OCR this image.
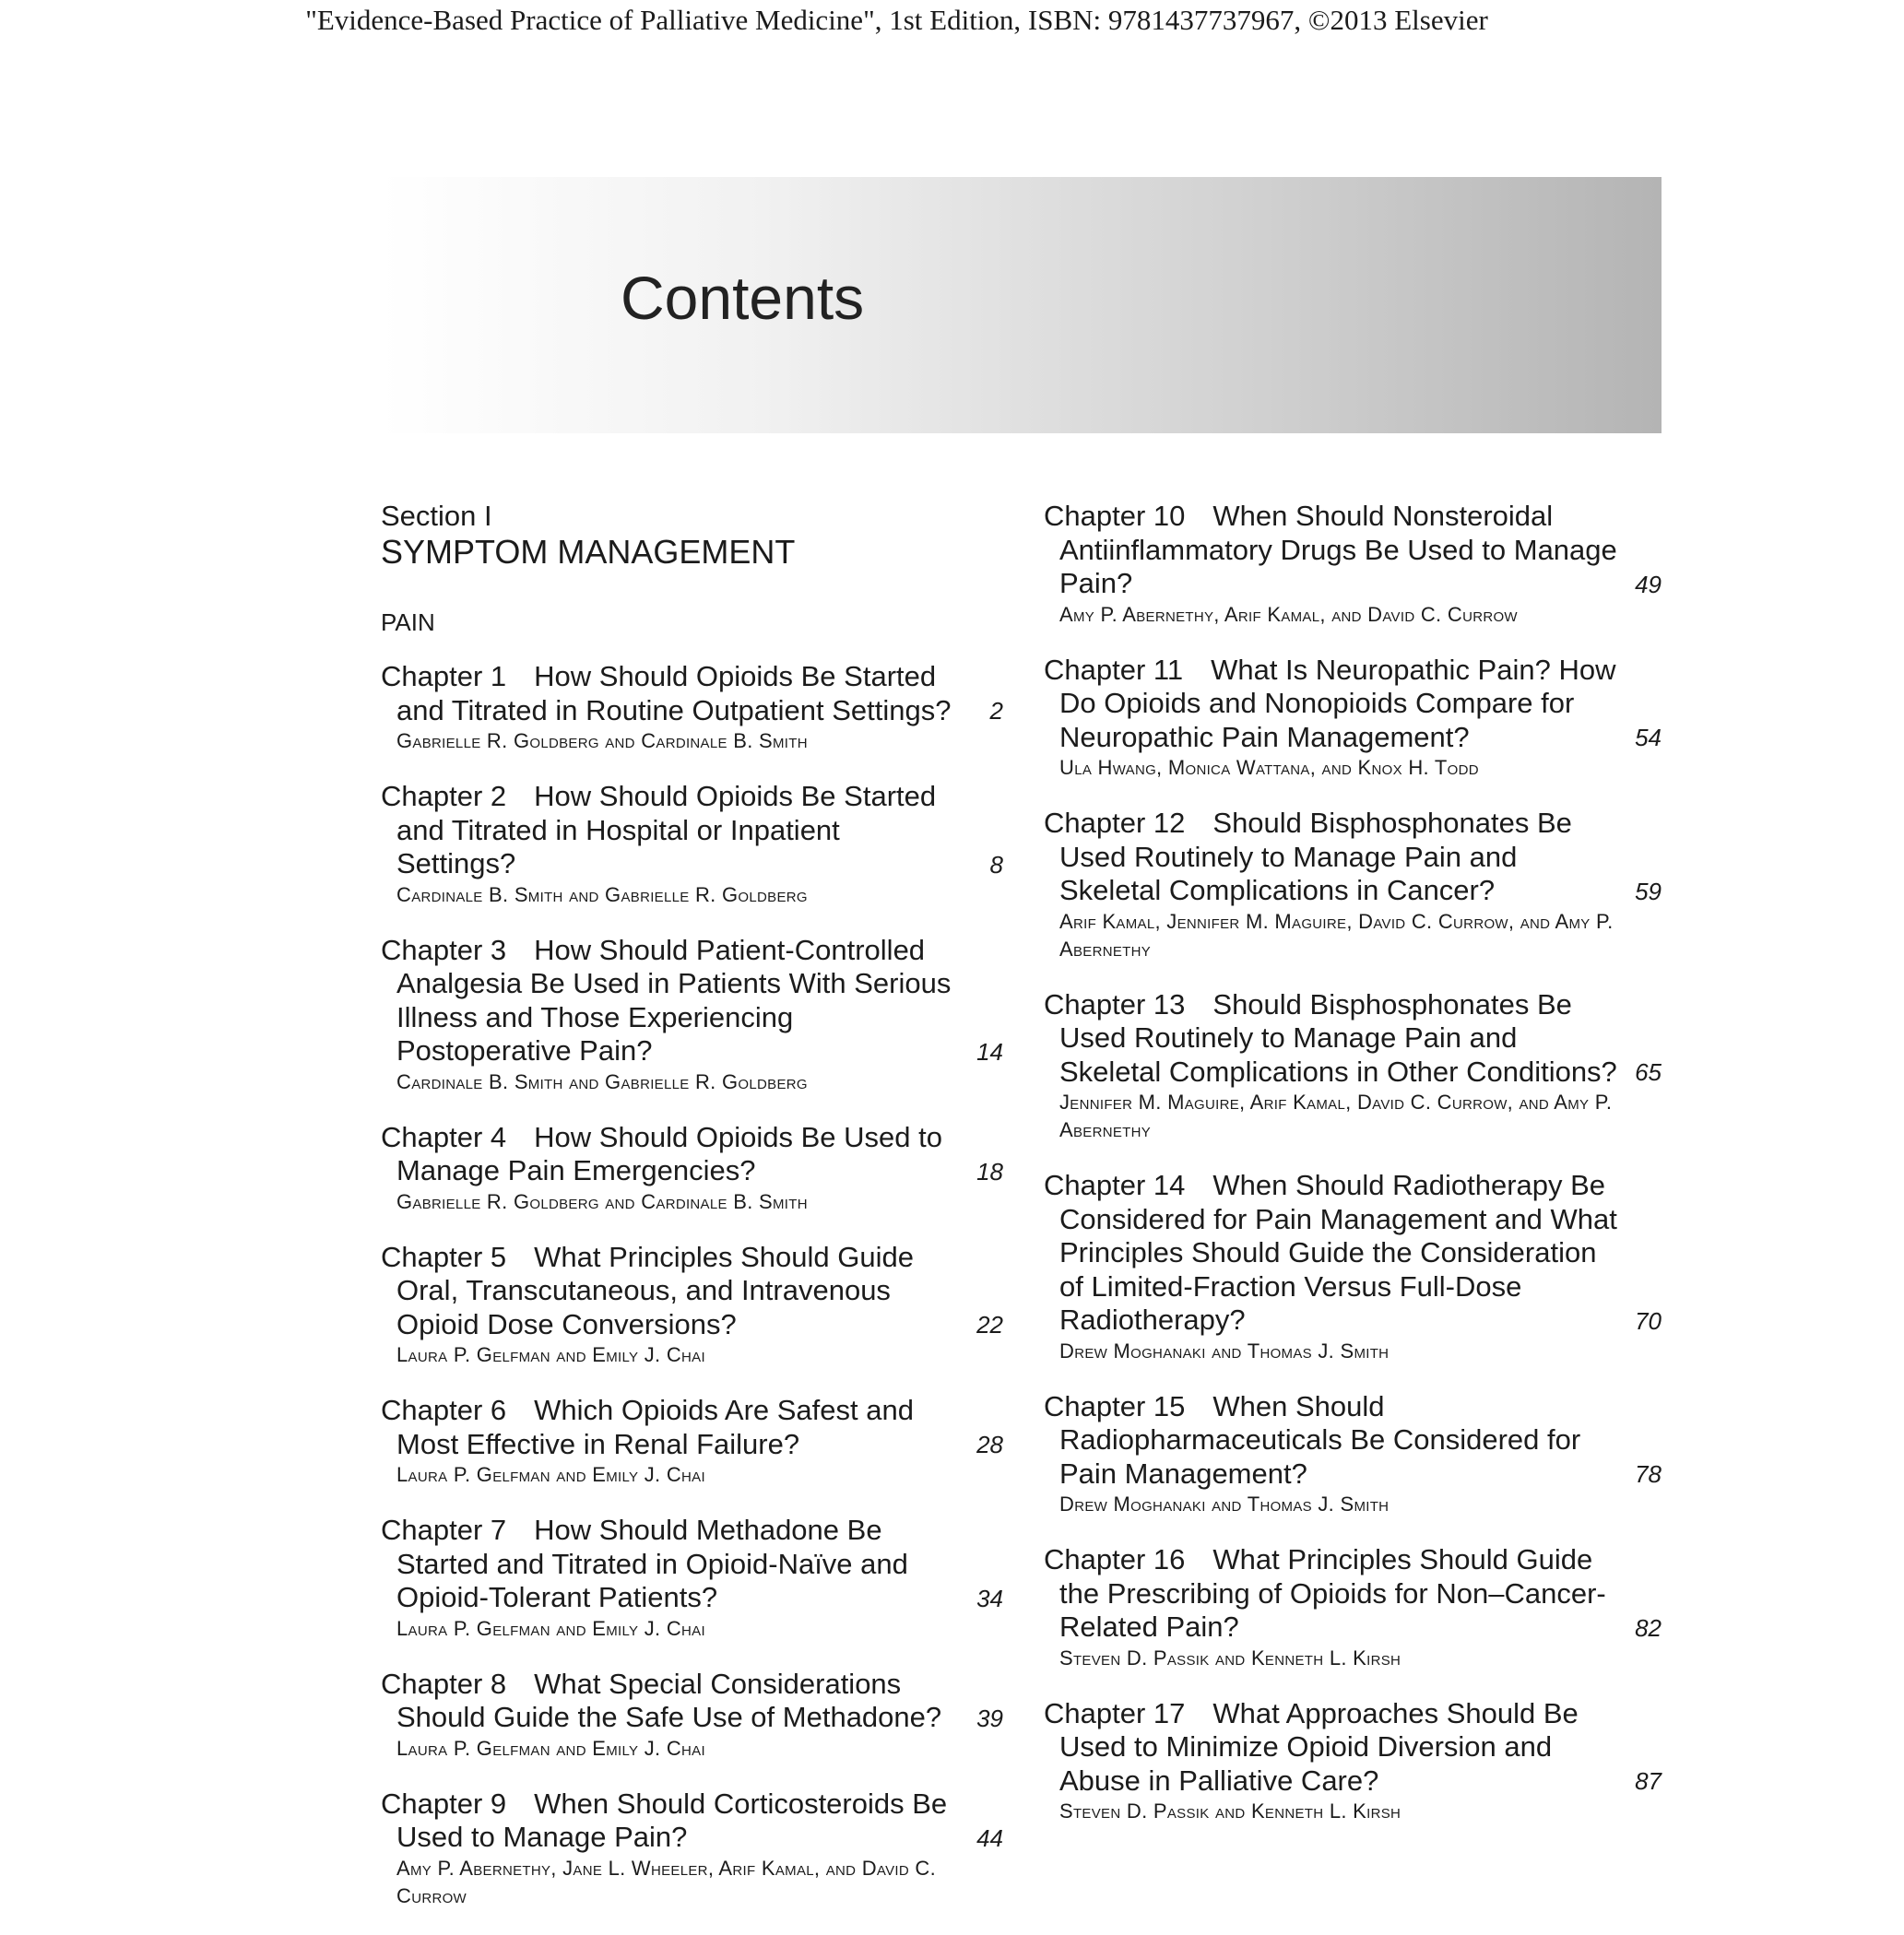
"Evidence-Based Practice of Palliative Medicine", 1st Edition, ISBN: 9781437737967, ©2013 Elsevier
Contents
Section I
SYMPTOM MANAGEMENT
PAIN
Chapter 1 How Should Opioids Be Started and Titrated in Routine Outpatient Settings?	2
Gabrielle R. Goldberg and Cardinale B. Smith
Chapter 2 How Should Opioids Be Started and Titrated in Hospital or Inpatient Settings?	8
Cardinale B. Smith and Gabrielle R. Goldberg
Chapter 3 How Should Patient-Controlled Analgesia Be Used in Patients With Serious Illness and Those Experiencing Postoperative Pain?	14
Cardinale B. Smith and Gabrielle R. Goldberg
Chapter 4 How Should Opioids Be Used to Manage Pain Emergencies?	18
Gabrielle R. Goldberg and Cardinale B. Smith
Chapter 5 What Principles Should Guide Oral, Transcutaneous, and Intravenous Opioid Dose Conversions?	22
Laura P. Gelfman and Emily J. Chai
Chapter 6 Which Opioids Are Safest and Most Effective in Renal Failure?	28
Laura P. Gelfman and Emily J. Chai
Chapter 7 How Should Methadone Be Started and Titrated in Opioid-Naïve and Opioid-Tolerant Patients?	34
Laura P. Gelfman and Emily J. Chai
Chapter 8 What Special Considerations Should Guide the Safe Use of Methadone?	39
Laura P. Gelfman and Emily J. Chai
Chapter 9 When Should Corticosteroids Be Used to Manage Pain?	44
Amy P. Abernethy, Jane L. Wheeler, Arif Kamal, and David C. Currow
Chapter 10 When Should Nonsteroidal Antiinflammatory Drugs Be Used to Manage Pain?	49
Amy P. Abernethy, Arif Kamal, and David C. Currow
Chapter 11 What Is Neuropathic Pain? How Do Opioids and Nonopioids Compare for Neuropathic Pain Management?	54
Ula Hwang, Monica Wattana, and Knox H. Todd
Chapter 12 Should Bisphosphonates Be Used Routinely to Manage Pain and Skeletal Complications in Cancer?	59
Arif Kamal, Jennifer M. Maguire, David C. Currow, and Amy P. Abernethy
Chapter 13 Should Bisphosphonates Be Used Routinely to Manage Pain and Skeletal Complications in Other Conditions? 65
Jennifer M. Maguire, Arif Kamal, David C. Currow, and Amy P. Abernethy
Chapter 14 When Should Radiotherapy Be Considered for Pain Management and What Principles Should Guide the Consideration of Limited-Fraction Versus Full-Dose Radiotherapy?	70
Drew Moghanaki and Thomas J. Smith
Chapter 15 When Should Radiopharmaceuticals Be Considered for Pain Management?	78
Drew Moghanaki and Thomas J. Smith
Chapter 16 What Principles Should Guide the Prescribing of Opioids for Non–Cancer-Related Pain?	82
Steven D. Passik and Kenneth L. Kirsh
Chapter 17 What Approaches Should Be Used to Minimize Opioid Diversion and Abuse in Palliative Care?	87
Steven D. Passik and Kenneth L. Kirsh
